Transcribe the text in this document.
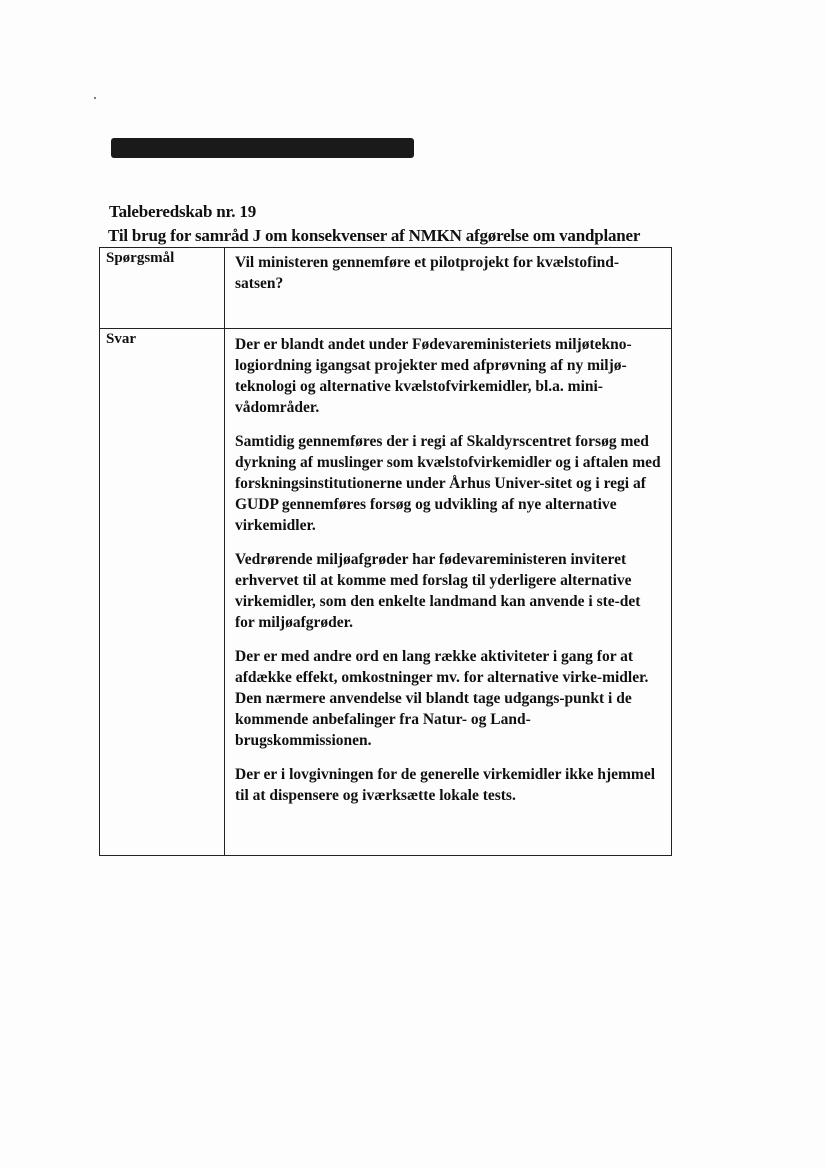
Taleberedskab nr. 19
Til brug for samråd J om konsekvenser af NMKN afgørelse om vandplaner
Spørgsmål	Vil ministeren gennemføre et pilotprojekt for kvælstofind-satsen?

Svar	Der er blandt andet under Fødevareministeriets miljøtekno-logiordning igangsat projekter med afprøvning af ny miljø-teknologi og alternative kvælstofvirkemidler, bl.a. mini-vådområder.

Samtidig gennemføres der i regi af Skaldyrscentret forsøg med dyrkning af muslinger som kvælstofvirkemidler og i aftalen med forskningsinstitutionerne under Århus Univer-sitet og i regi af GUDP gennemføres forsøg og udvikling af nye alternative virkemidler.

Vedrørende miljøafgrøder har fødevareministeren inviteret erhvervet til at komme med forslag til yderligere alternative virkemidler, som den enkelte landmand kan anvende i ste-det for miljøafgrøder.

Der er med andre ord en lang række aktiviteter i gang for at afdække effekt, omkostninger mv. for alternative virke-midler. Den nærmere anvendelse vil blandt tage udgangs-punkt i de kommende anbefalinger fra Natur- og Land-brugskommissionen.

Der er i lovgivningen for de generelle virkemidler ikke hjemmel til at dispensere og iværksætte lokale tests.
